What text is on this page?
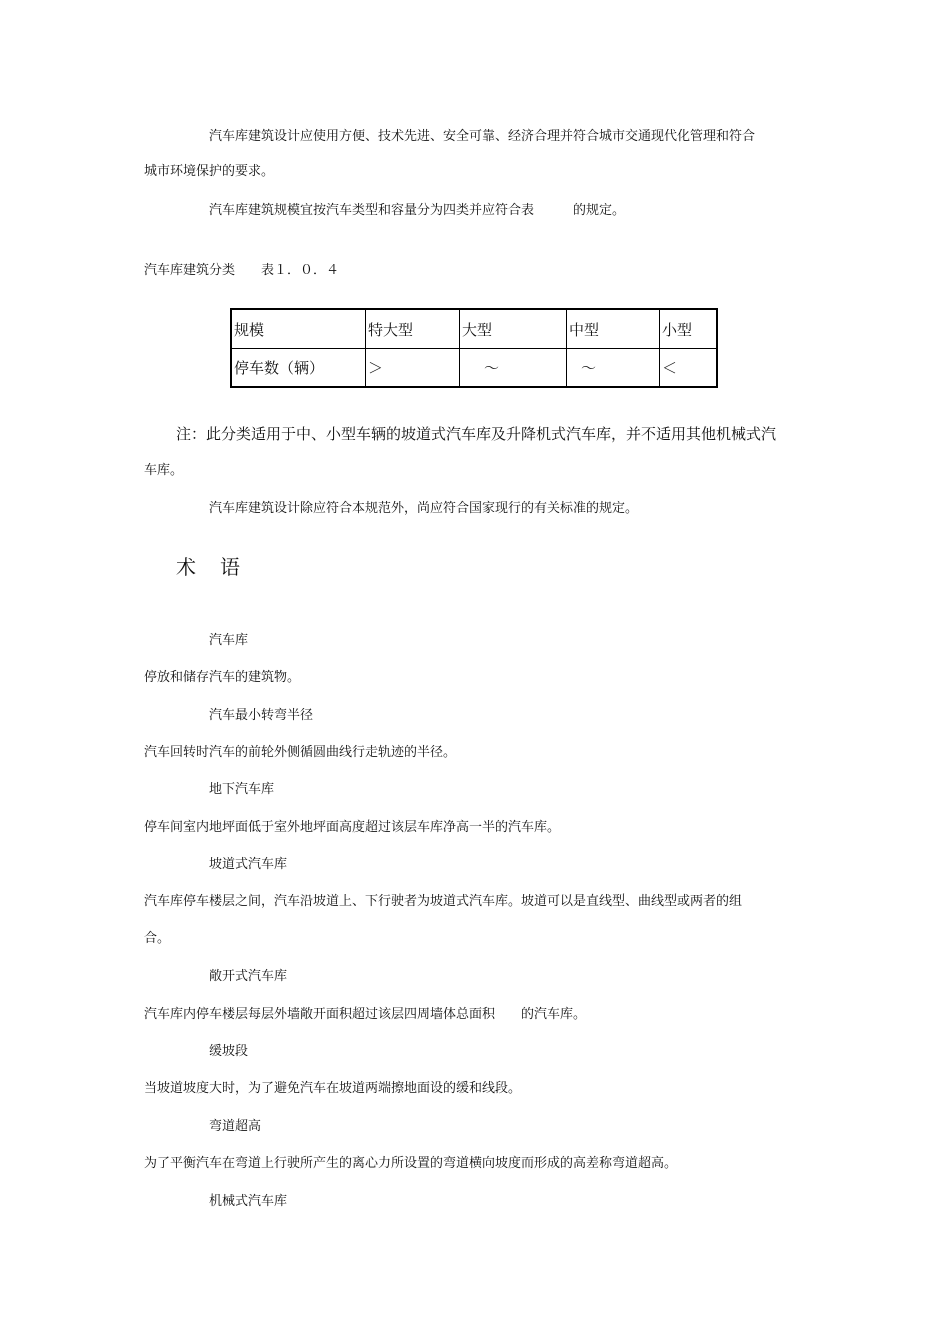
汽车库建筑设计应使用方便、技术先进、安全可靠、经济合理并符合城市交通现代化管理和符合
城市环境保护的要求。
汽车库建筑规模宜按汽车类型和容量分为四类并应符合表　　　的规定。
汽车库建筑分类　　表１．０．４
规模	特大型	大型	中型	小型
停车数（辆）	＞	～	～	＜
注：此分类适用于中、小型车辆的坡道式汽车库及升降机式汽车库，并不适用其他机械式汽
车库。
汽车库建筑设计除应符合本规范外，尚应符合国家现行的有关标准的规定。
术　语
汽车库
停放和储存汽车的建筑物。
汽车最小转弯半径
汽车回转时汽车的前轮外侧循圆曲线行走轨迹的半径。
地下汽车库
停车间室内地坪面低于室外地坪面高度超过该层车库净高一半的汽车库。
坡道式汽车库
汽车库停车楼层之间，汽车沿坡道上、下行驶者为坡道式汽车库。坡道可以是直线型、曲线型或两者的组
合。
敞开式汽车库
汽车库内停车楼层每层外墙敞开面积超过该层四周墙体总面积　　的汽车库。
缓坡段
当坡道坡度大时，为了避免汽车在坡道两端擦地面设的缓和线段。
弯道超高
为了平衡汽车在弯道上行驶所产生的离心力所设置的弯道横向坡度而形成的高差称弯道超高。
机械式汽车库
